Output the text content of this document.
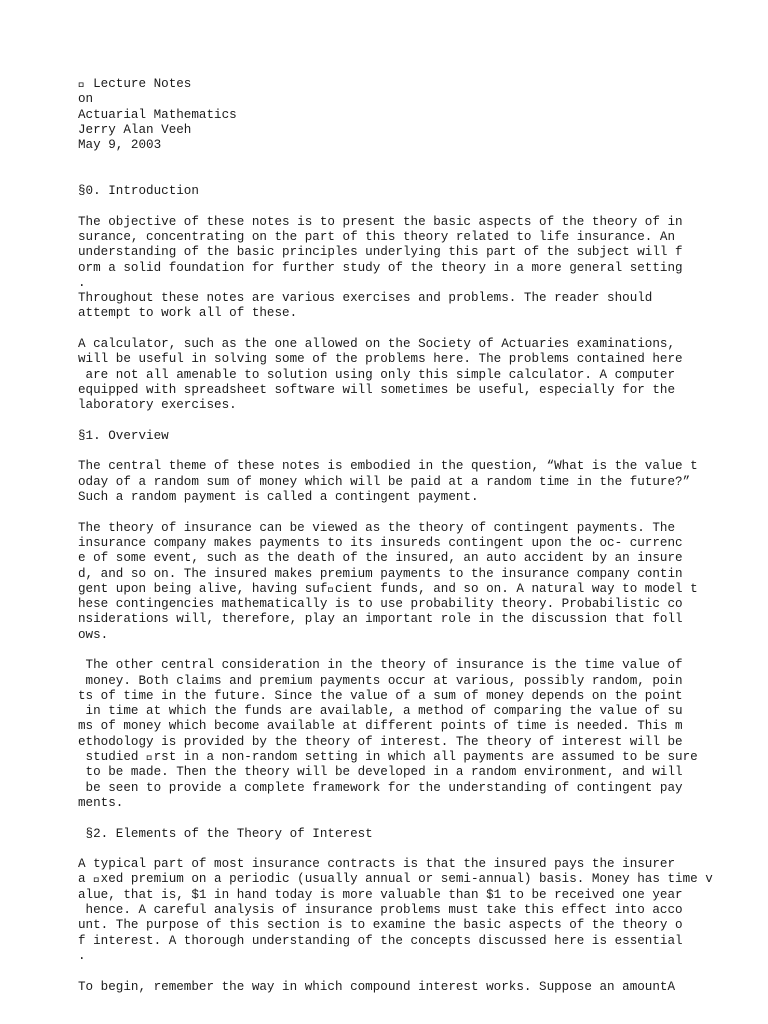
Lecture Notes
on
Actuarial Mathematics
Jerry Alan Veeh
May 9, 2003
§0. Introduction
The objective of these notes is to present the basic aspects of the theory of in
surance, concentrating on the part of this theory related to life insurance. An
understanding of the basic principles underlying this part of the subject will f
orm a solid foundation for further study of the theory in a more general setting
.
Throughout these notes are various exercises and problems. The reader should
attempt to work all of these.
A calculator, such as the one allowed on the Society of Actuaries examinations,
will be useful in solving some of the problems here. The problems contained here
are not all amenable to solution using only this simple calculator. A computer
equipped with spreadsheet software will sometimes be useful, especially for the
laboratory exercises.
§1. Overview
The central theme of these notes is embodied in the question, “What is the value t
oday of a random sum of money which will be paid at a random time in the future?”
Such a random payment is called a contingent payment.
The theory of insurance can be viewed as the theory of contingent payments. The
insurance company makes payments to its insureds contingent upon the oc- currenc
e of some event, such as the death of the insured, an auto accident by an insure
d, and so on. The insured makes premium payments to the insurance company contin
gent upon being alive, having suf cient funds, and so on. A natural way to model t
hese contingencies mathematically is to use probability theory. Probabilistic co
nsiderations will, therefore, play an important role in the discussion that foll
ows.
The other central consideration in the theory of insurance is the time value of
money. Both claims and premium payments occur at various, possibly random, poin
ts of time in the future. Since the value of a sum of money depends on the point
in time at which the funds are available, a method of comparing the value of su
ms of money which become available at different points of time is needed. This m
ethodology is provided by the theory of interest. The theory of interest will be
studied  rst in a non-random setting in which all payments are assumed to be sure
to be made. Then the theory will be developed in a random environment, and will
be seen to provide a complete framework for the understanding of contingent pay
ments.
§2. Elements of the Theory of Interest
A typical part of most insurance contracts is that the insured pays the insurer
a  xed premium on a periodic (usually annual or semi-annual) basis. Money has time v
alue, that is, $1 in hand today is more valuable than $1 to be received one year
hence. A careful analysis of insurance problems must take this effect into acco
unt. The purpose of this section is to examine the basic aspects of the theory o
f interest. A thorough understanding of the concepts discussed here is essential
.
To begin, remember the way in which compound interest works. Suppose an amountA
